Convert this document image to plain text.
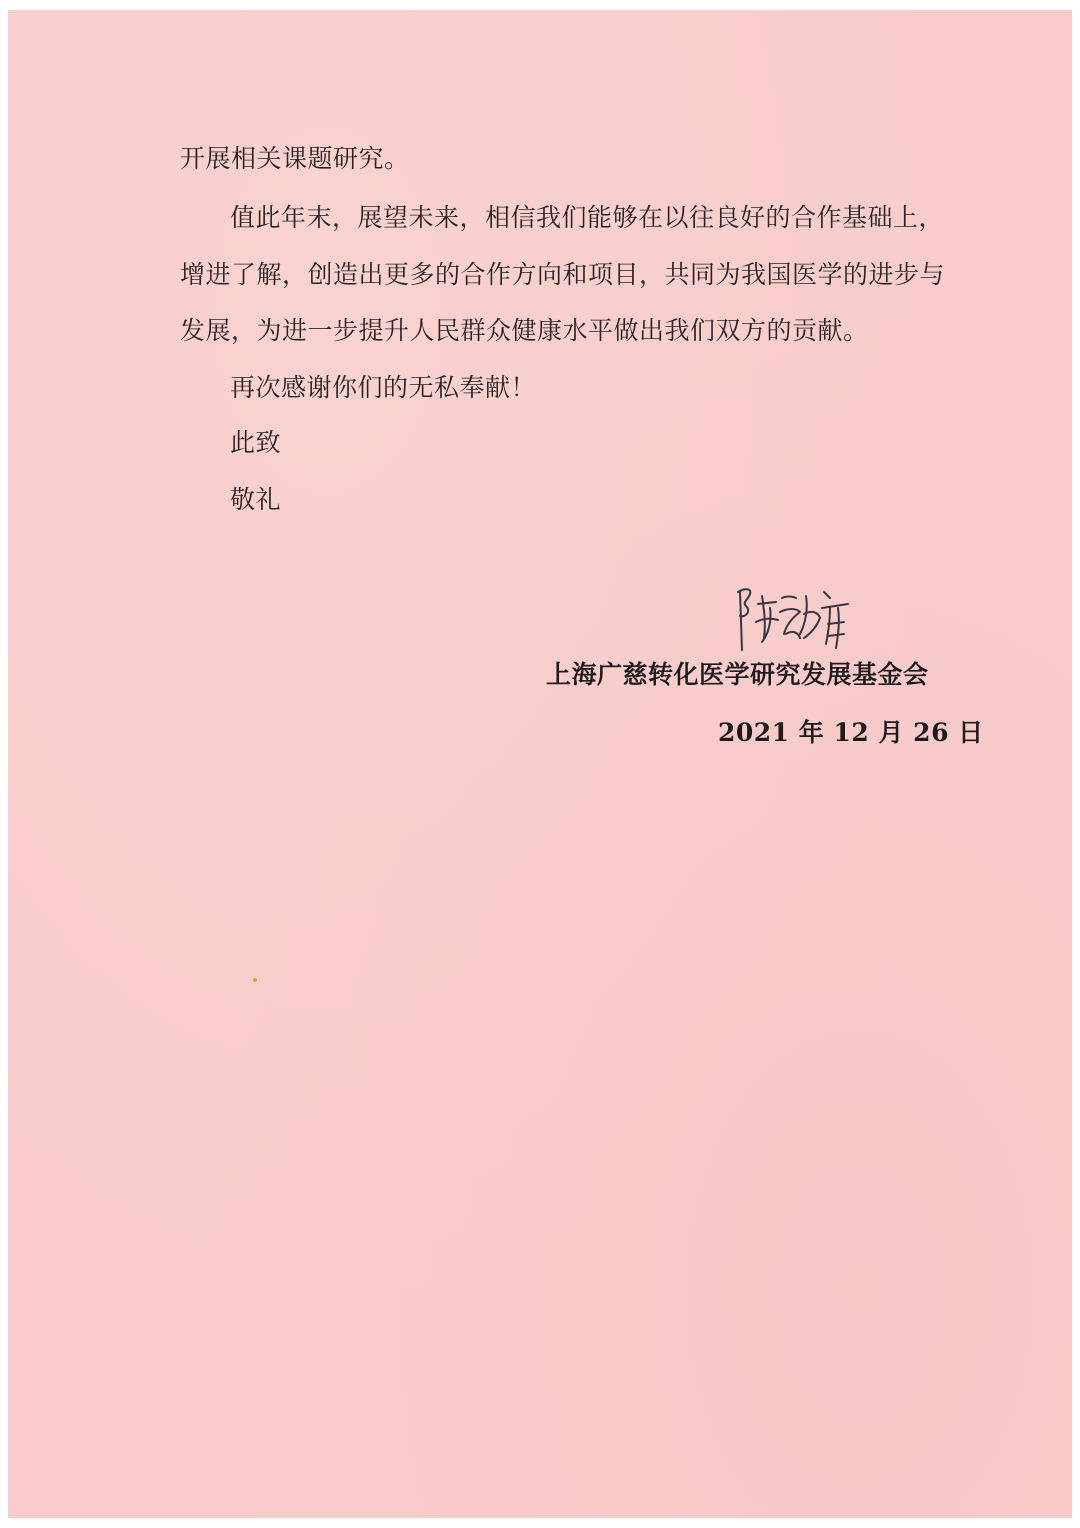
开展相关课题研究。
值此年末，展望未来，相信我们能够在以往良好的合作基础上，
增进了解，创造出更多的合作方向和项目，共同为我国医学的进步与
发展，为进一步提升人民群众健康水平做出我们双方的贡献。
再次感谢你们的无私奉献！
此致
敬礼
上海广慈转化医学研究发展基金会
2021 年 12 月 26 日
